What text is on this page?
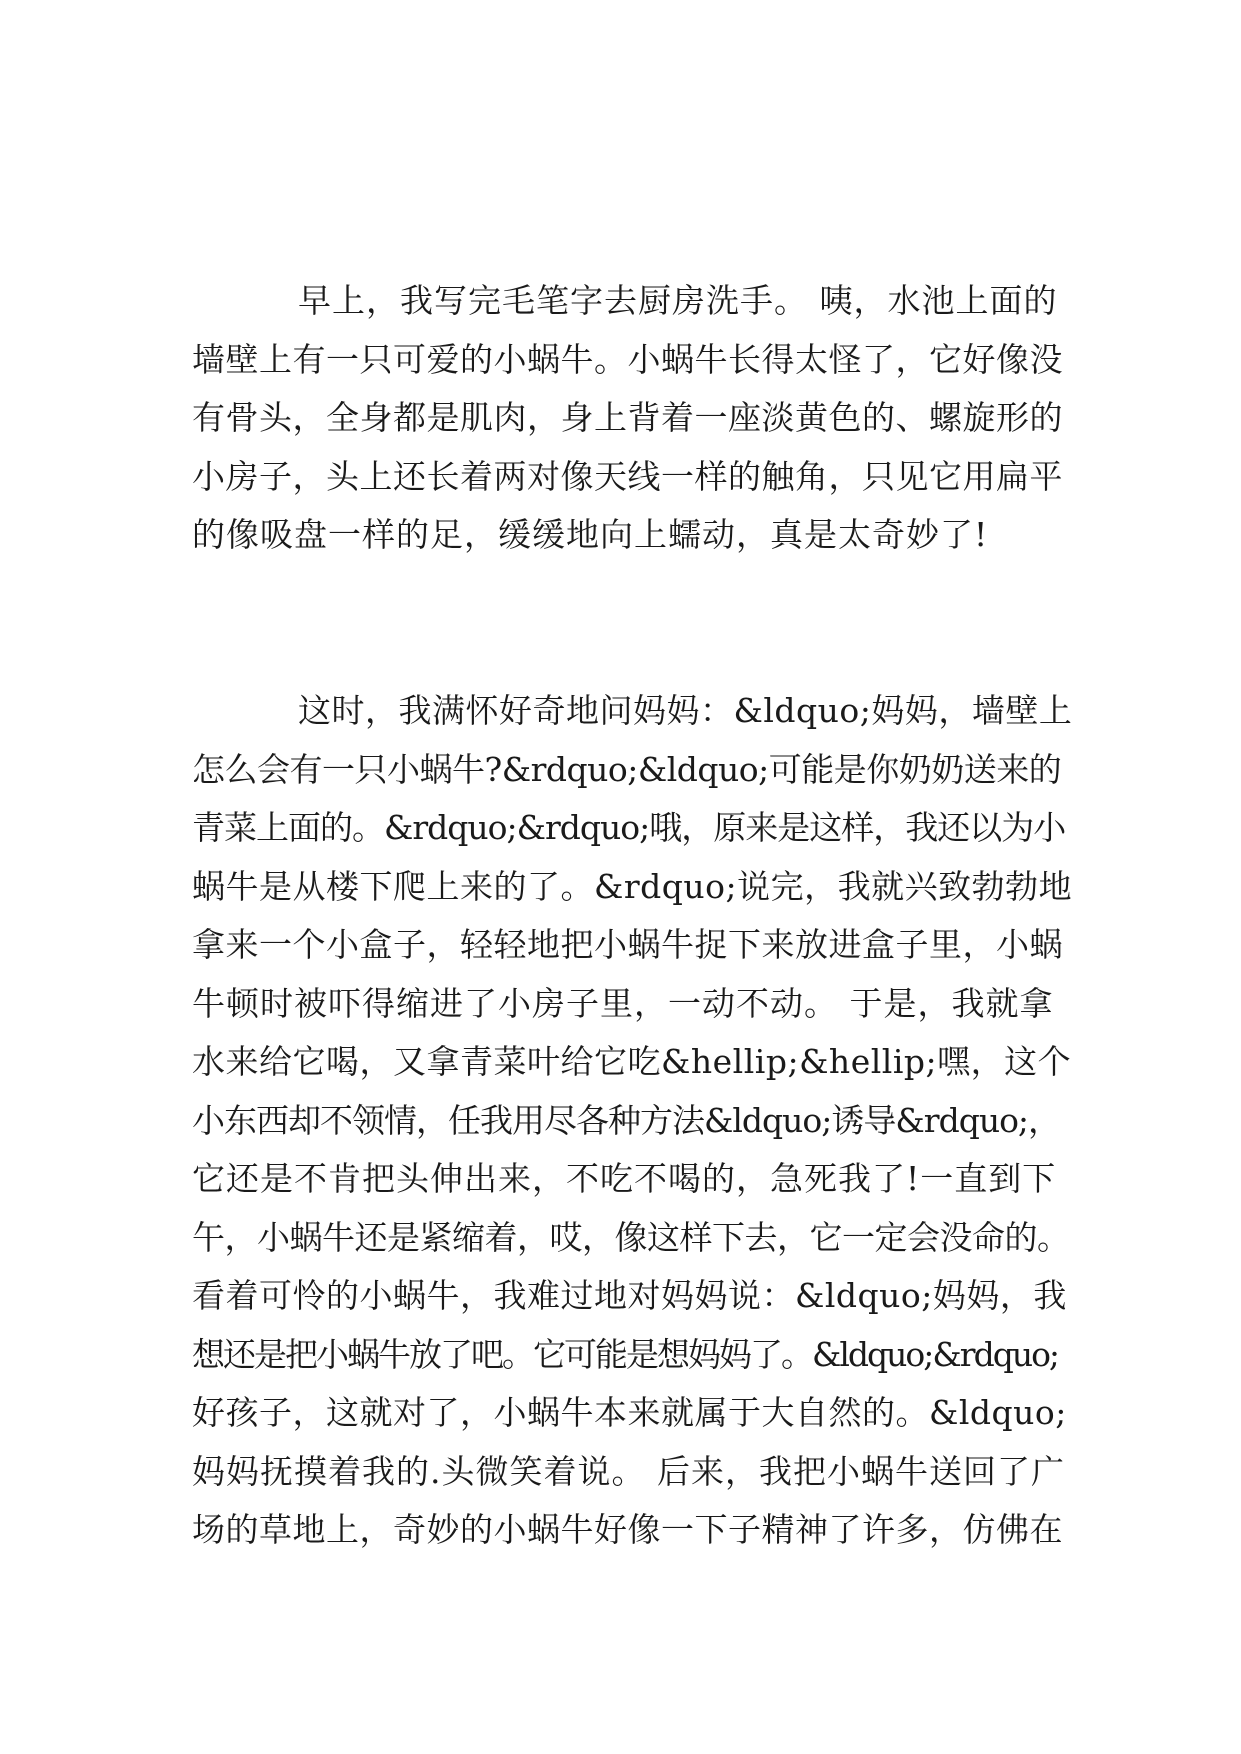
早上，我写完毛笔字去厨房洗手。 咦，水池上面的
墙壁上有一只可爱的小蜗牛。小蜗牛长得太怪了，它好像没
有骨头，全身都是肌肉，身上背着一座淡黄色的、螺旋形的
小房子，头上还长着两对像天线一样的触角，只见它用扁平
的像吸盘一样的足，缓缓地向上蠕动，真是太奇妙了!
这时，我满怀好奇地问妈妈：&ldquo;妈妈，墙壁上
怎么会有一只小蜗牛?&rdquo;&ldquo;可能是你奶奶送来的
青菜上面的。&rdquo;&rdquo;哦，原来是这样，我还以为小
蜗牛是从楼下爬上来的了。&rdquo;说完，我就兴致勃勃地
拿来一个小盒子，轻轻地把小蜗牛捉下来放进盒子里，小蜗
牛顿时被吓得缩进了小房子里，一动不动。 于是，我就拿
水来给它喝，又拿青菜叶给它吃&hellip;&hellip;嘿，这个
小东西却不领情，任我用尽各种方法&ldquo;诱导&rdquo;，
它还是不肯把头伸出来，不吃不喝的，急死我了!一直到下
午，小蜗牛还是紧缩着，哎，像这样下去，它一定会没命的。
看着可怜的小蜗牛，我难过地对妈妈说：&ldquo;妈妈，我
想还是把小蜗牛放了吧。它可能是想妈妈了。&ldquo;&rdquo;
好孩子，这就对了，小蜗牛本来就属于大自然的。&ldquo;
妈妈抚摸着我的.头微笑着说。 后来，我把小蜗牛送回了广
场的草地上，奇妙的小蜗牛好像一下子精神了许多，仿佛在
